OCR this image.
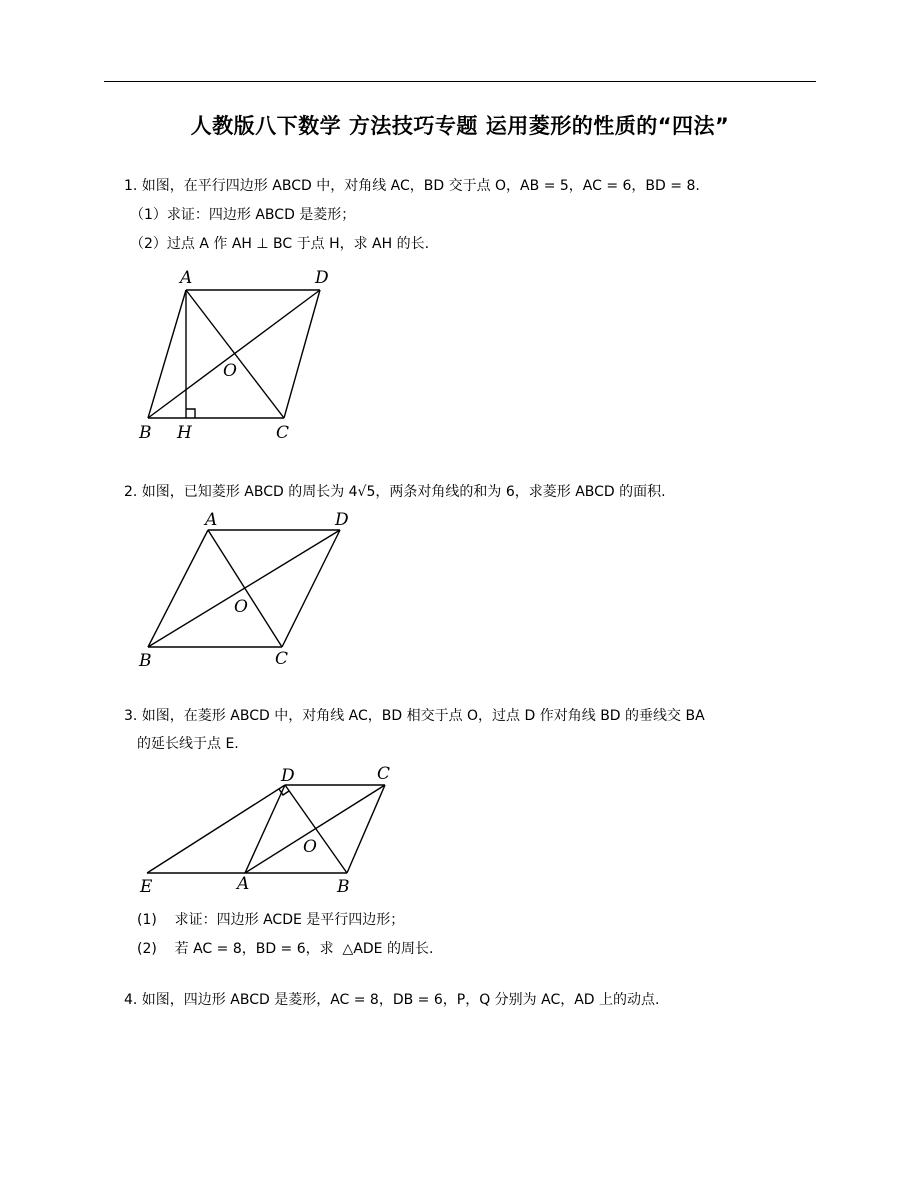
人教版八下数学 方法技巧专题 运用菱形的性质的“四法”
1. 如图，在平行四边形 ABCD 中，对角线 AC，BD 交于点 O，AB = 5，AC = 6，BD = 8.
（1）求证：四边形 ABCD 是菱形；
（2）过点 A 作 AH ⊥ BC 于点 H，求 AH 的长.
A	D
O
B H	C
2. 如图，已知菱形 ABCD 的周长为 4√5，两条对角线的和为 6，求菱形 ABCD 的面积.
A	D
O
B	C
3. 如图，在菱形 ABCD 中，对角线 AC，BD 相交于点 O，过点 D 作对角线 BD 的垂线交 BA
的延长线于点 E.
D	C
O
E	A	B
(1)    求证：四边形 ACDE 是平行四边形；
(2)    若 AC = 8，BD = 6，求  △ADE 的周长.
4. 如图，四边形 ABCD 是菱形，AC = 8，DB = 6，P，Q 分别为 AC，AD 上的动点.
